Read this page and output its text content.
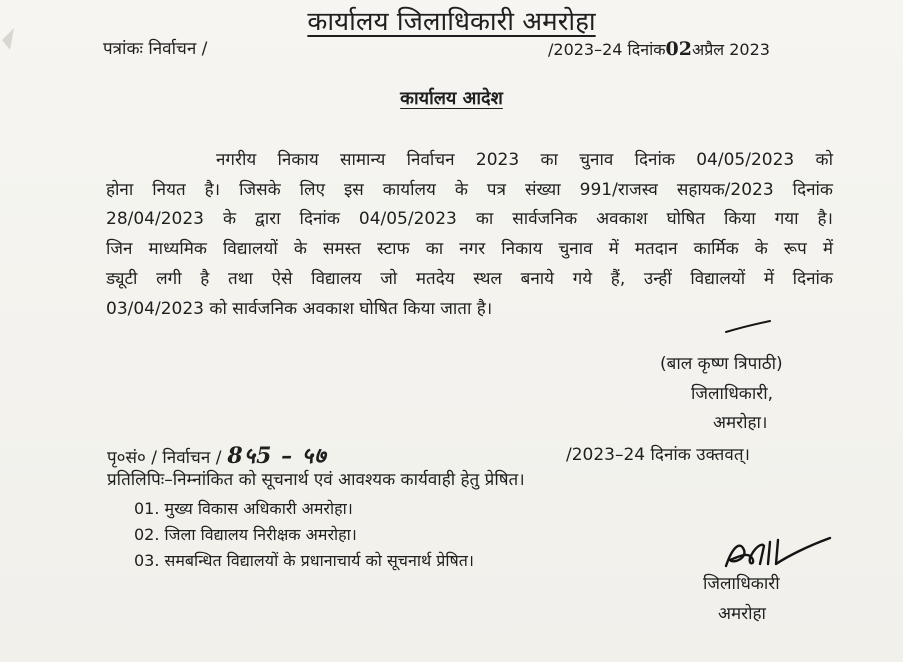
कार्यालय जिलाधिकारी अमरोहा
पत्रांकः निर्वाचन /	/2023–24 दिनांक02अप्रैल 2023
कार्यालय आदेश
नगरीय निकाय सामान्य निर्वाचन 2023 का चुनाव दिनांक 04/05/2023 को
होना नियत है। जिसके लिए इस कार्यालय के पत्र संख्या 991/राजस्व सहायक/2023 दिनांक
28/04/2023 के द्वारा दिनांक 04/05/2023 का सार्वजनिक अवकाश घोषित किया गया है।
जिन माध्यमिक विद्यालयों के समस्त स्टाफ का नगर निकाय चुनाव में मतदान कार्मिक के रूप में
ड्यूटी लगी है तथा ऐसे विद्यालय जो मतदेय स्थल बनाये गये हैं, उन्हीं विद्यालयों में दिनांक
03/04/2023 को सार्वजनिक अवकाश घोषित किया जाता है।
(बाल कृष्ण त्रिपाठी)
जिलाधिकारी,
अमरोहा।
पृ०सं० / निर्वाचन / 8५5 – ५७	/2023–24 दिनांक उक्तवत्।
प्रतिलिपिः–निम्नांकित को सूचनार्थ एवं आवश्यक कार्यवाही हेतु प्रेषित।
01. मुख्य विकास अधिकारी अमरोहा।
02. जिला विद्यालय निरीक्षक अमरोहा।
03. समबन्धित विद्यालयों के प्रधानाचार्य को सूचनार्थ प्रेषित।
जिलाधिकारी
अमरोहा
